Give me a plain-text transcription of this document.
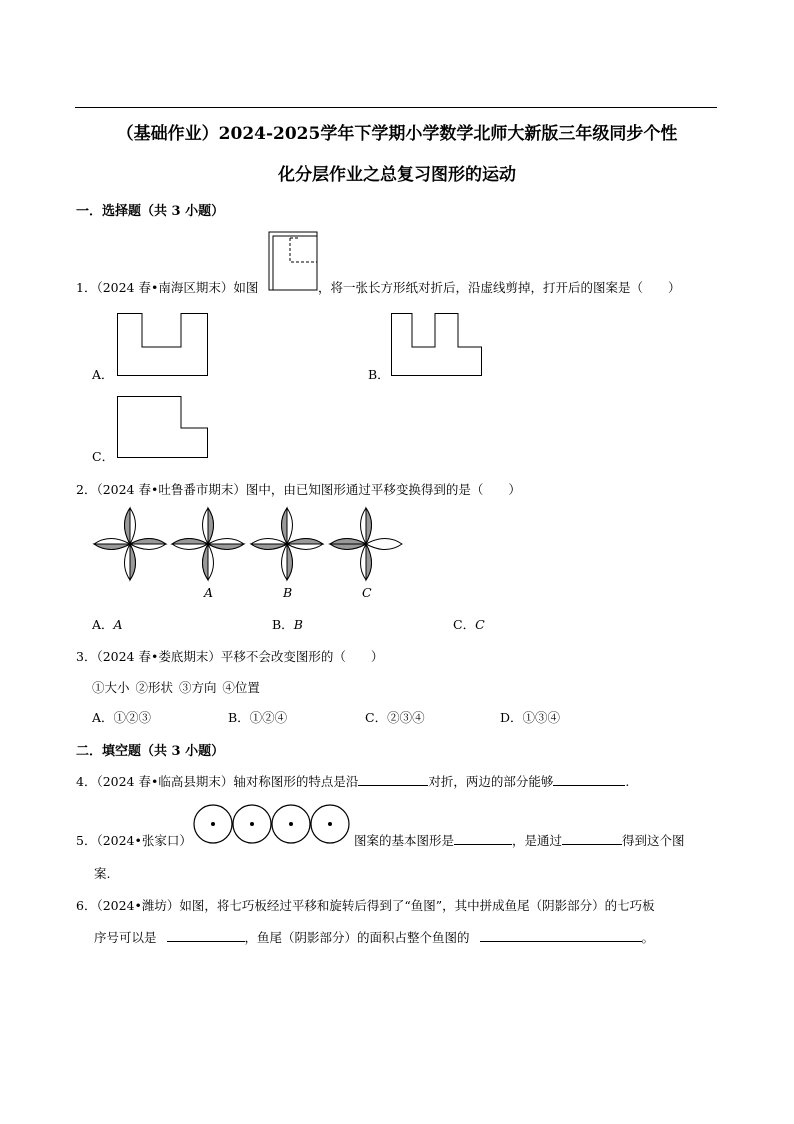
（基础作业）2024-2025学年下学期小学数学北师大新版三年级同步个性
化分层作业之总复习图形的运动
一．选择题（共 3 小题）
1．（2024 春•南海区期末）如图	，将一张长方形纸对折后，沿虚线剪掉，打开后的图案是（　　）
A．	B．
C．
2．（2024 春•吐鲁番市期末）图中，由已知图形通过平移变换得到的是（　　）
A	B	C
A．A	B．B	C．C
3．（2024 春•娄底期末）平移不会改变图形的（　　）
①大小 ②形状 ③方向 ④位置
A．①②③	B．①②④	C．②③④	D．①③④
二．填空题（共 3 小题）
4．（2024 春•临高县期末）轴对称图形的特点是沿	对折，两边的部分能够	.
5．（2024•张家口）	图案的基本图形是	，是通过	得到这个图
案.
6．（2024•潍坊）如图，将七巧板经过平移和旋转后得到了“鱼图”，其中拼成鱼尾（阴影部分）的七巧板
序号可以是	，鱼尾（阴影部分）的面积占整个鱼图的	。
